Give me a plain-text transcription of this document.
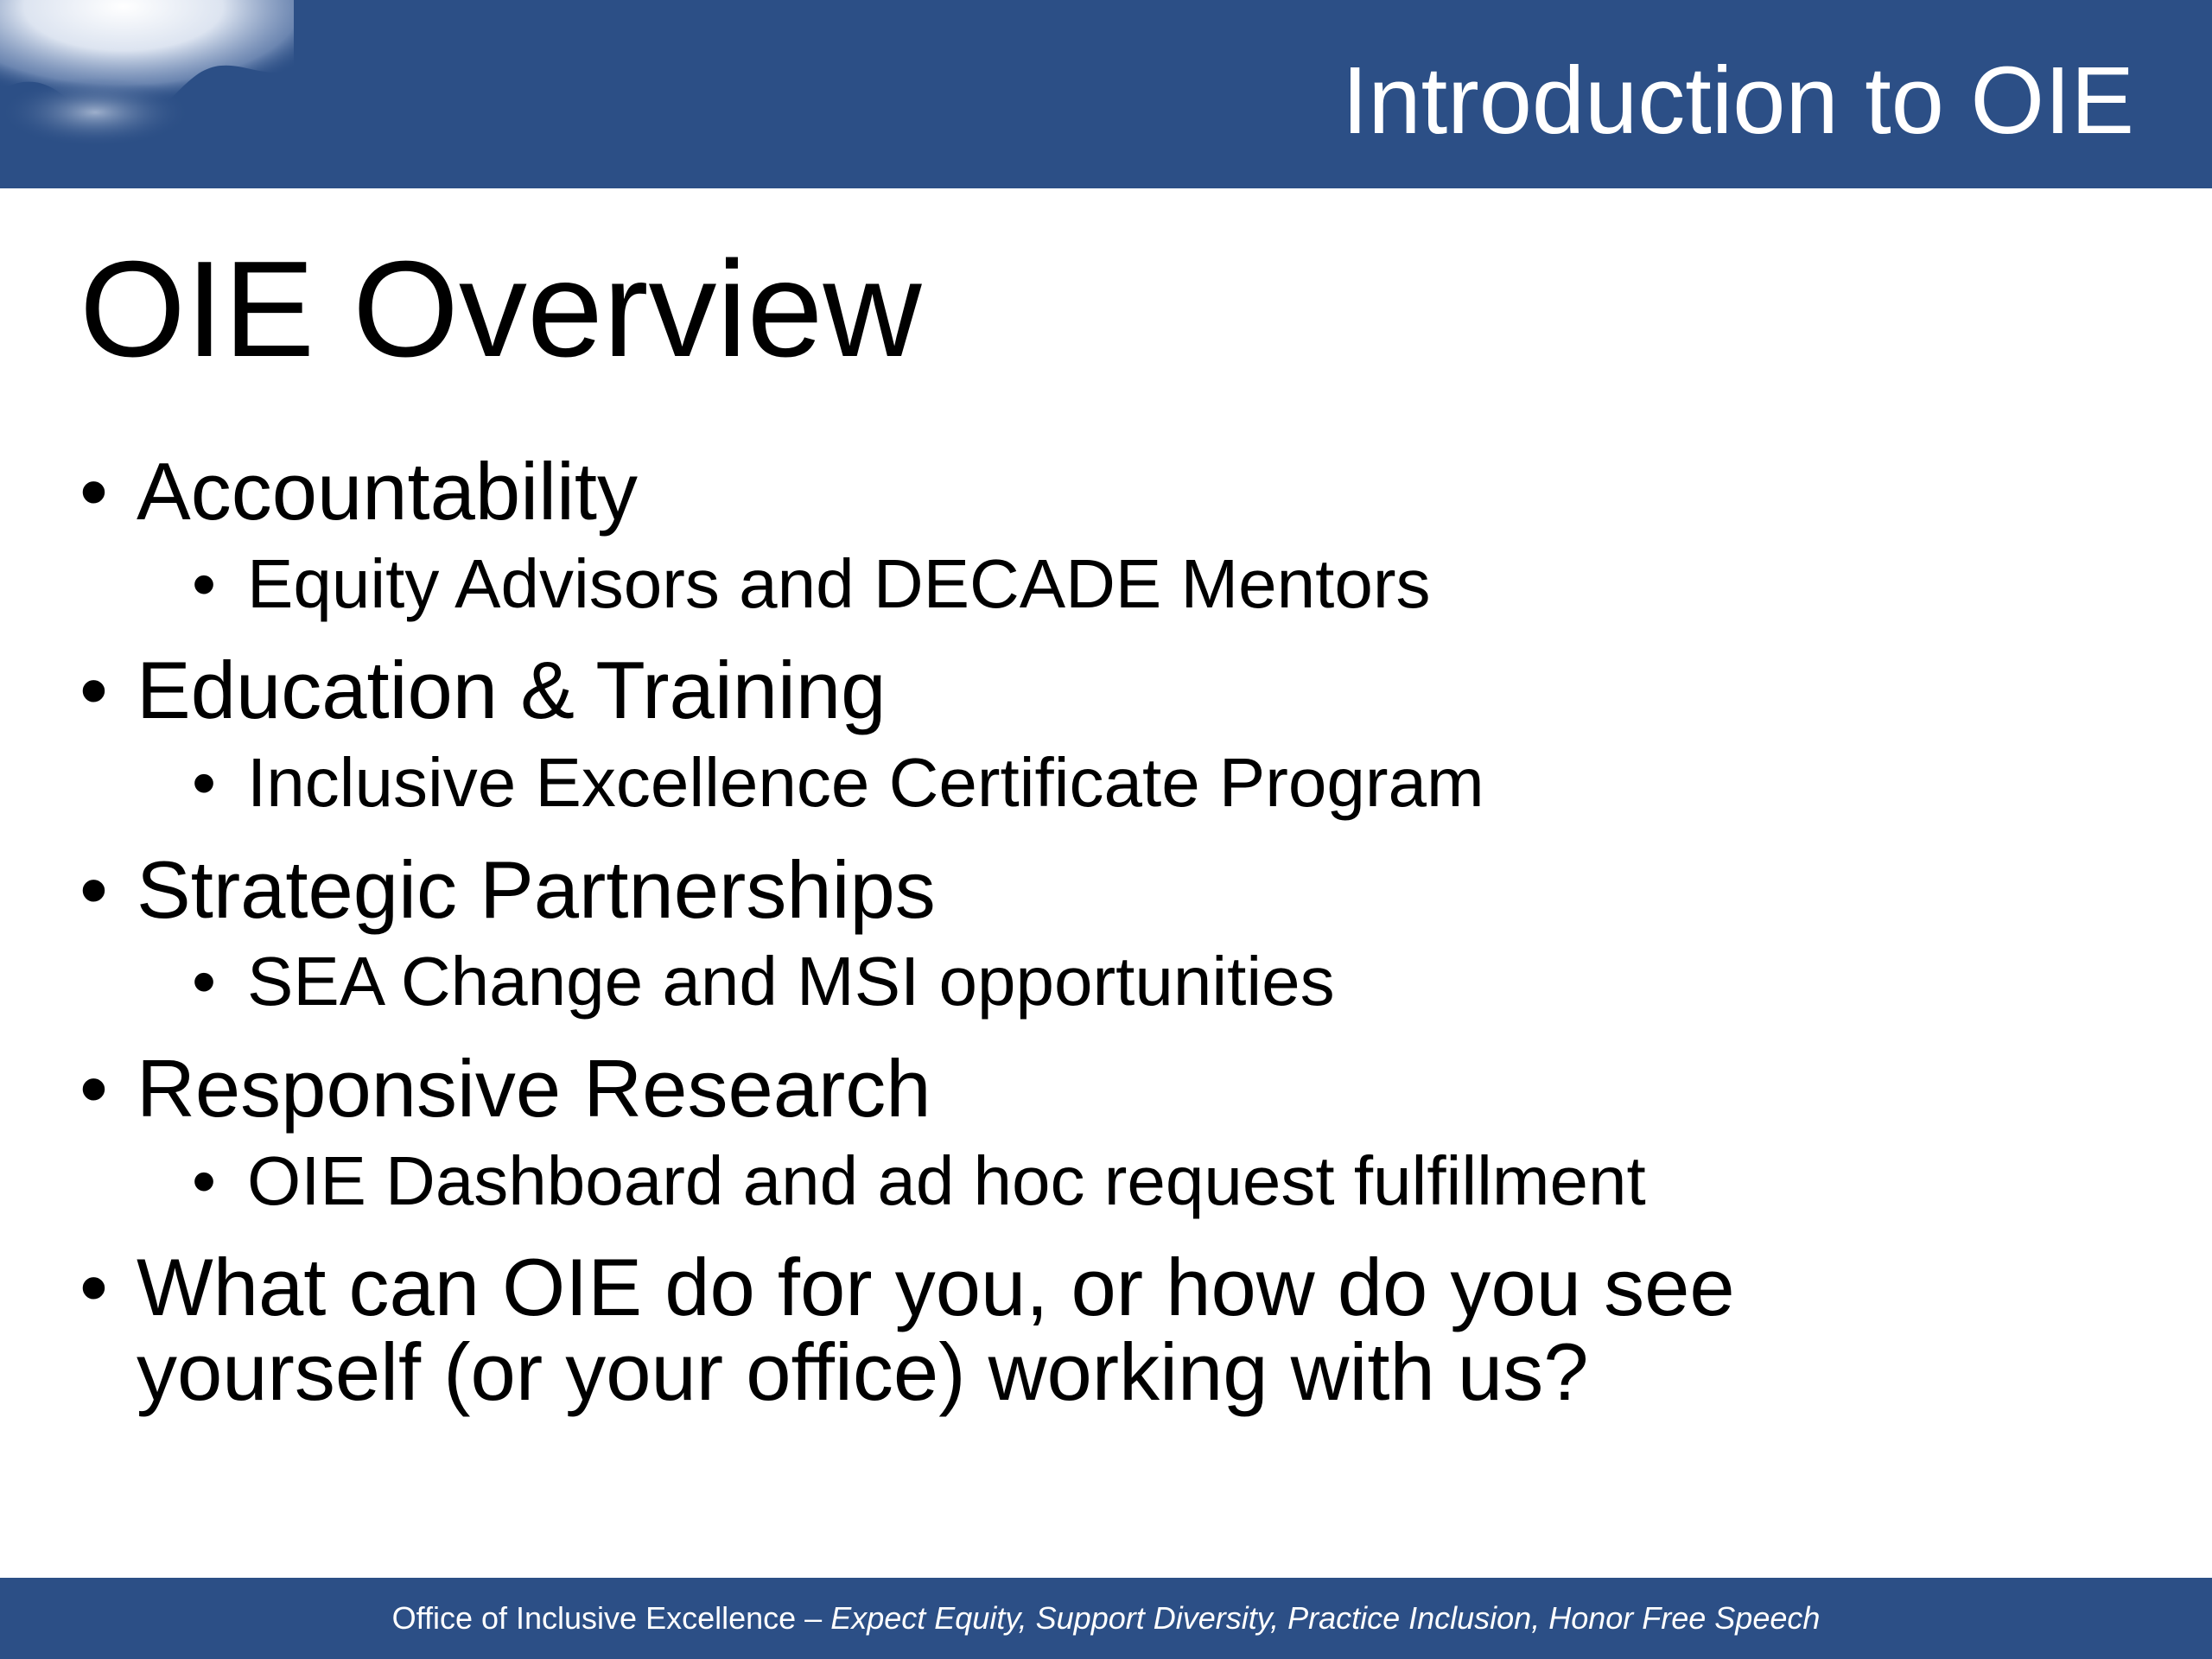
Introduction to OIE
OIE Overview
• Accountability
• Equity Advisors and DECADE Mentors
• Education & Training
• Inclusive Excellence Certificate Program
• Strategic Partnerships
• SEA Change and MSI opportunities
• Responsive Research
• OIE Dashboard and ad hoc request fulfillment
• What can OIE do for you, or how do you see yourself (or your office) working with us?
Office of Inclusive Excellence – Expect Equity, Support Diversity, Practice Inclusion, Honor Free Speech
